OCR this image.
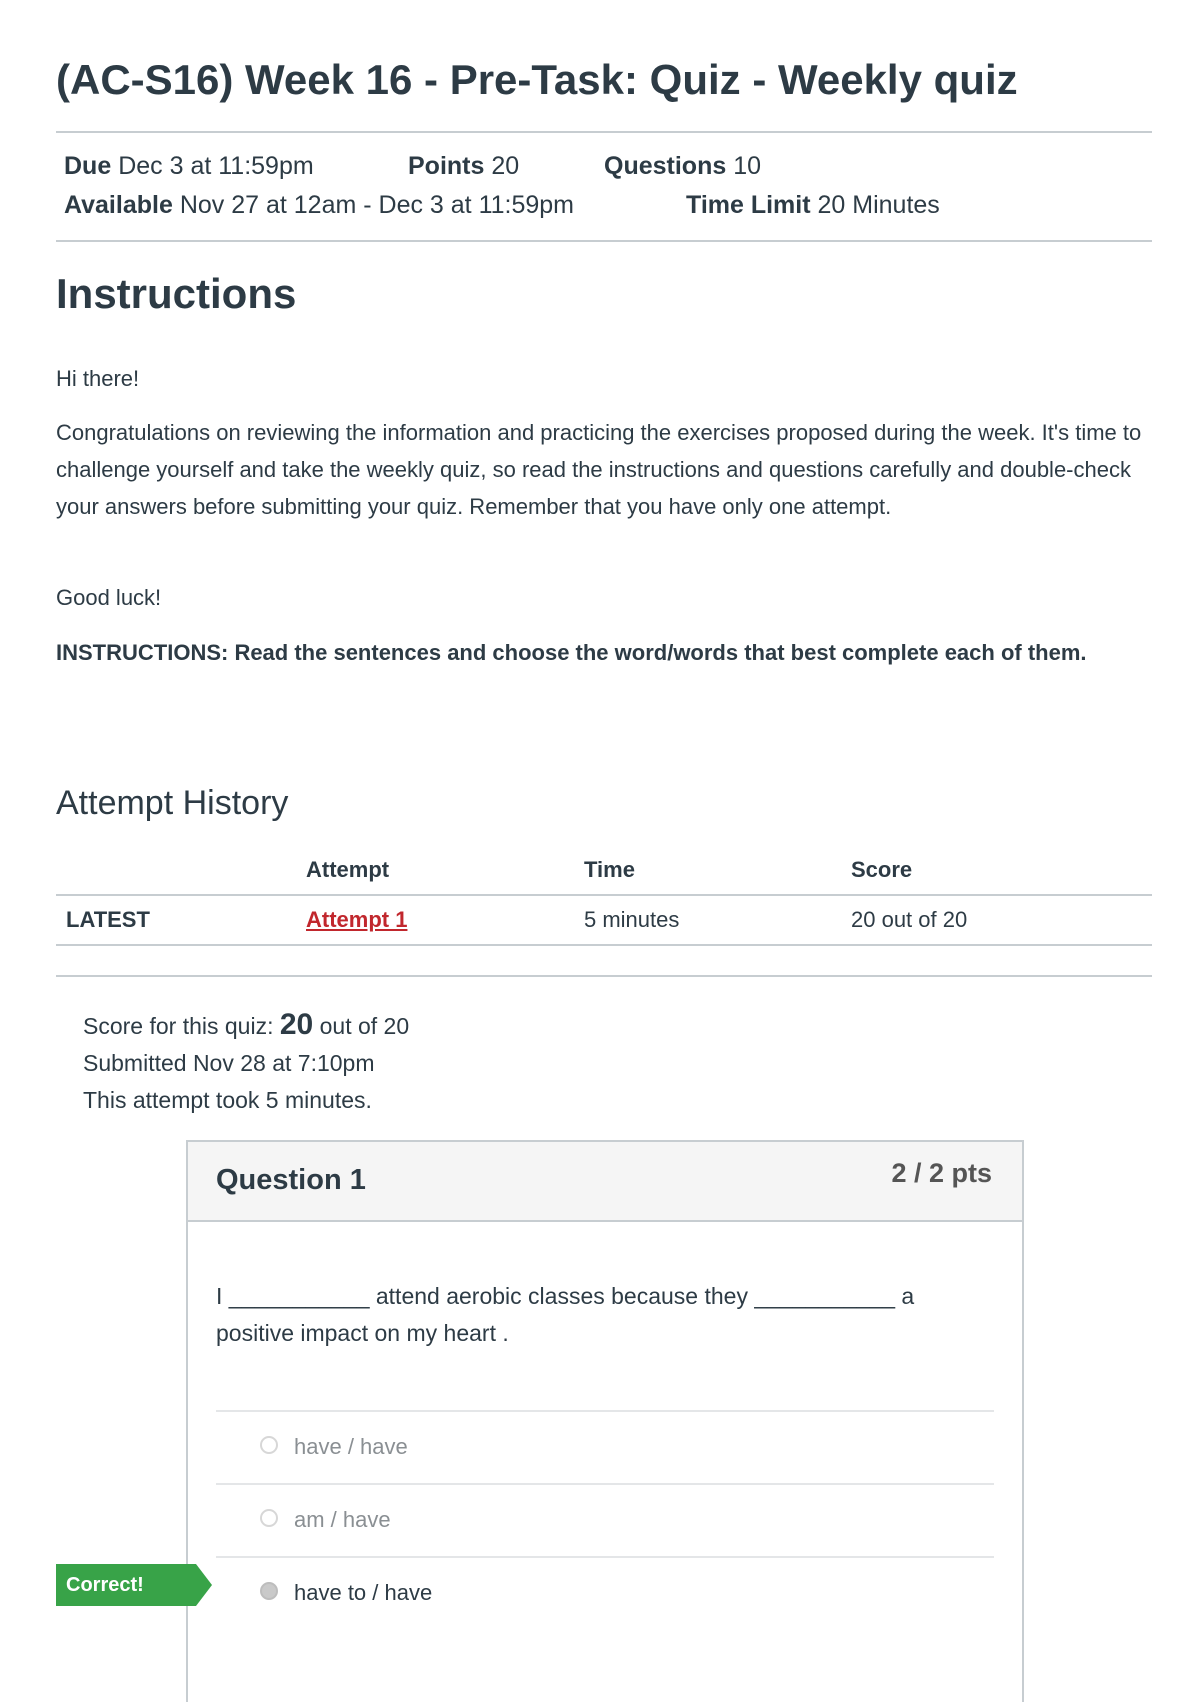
(AC-S16) Week 16 - Pre-Task: Quiz - Weekly quiz
Due Dec 3 at 11:59pm	Points 20	Questions 10
Available Nov 27 at 12am - Dec 3 at 11:59pm	Time Limit 20 Minutes
Instructions
Hi there!
Congratulations on reviewing the information and practicing the exercises proposed during the week. It's time to challenge yourself and take the weekly quiz, so read the instructions and questions carefully and double-check your answers before submitting your quiz. Remember that you have only one attempt.
Good luck!
INSTRUCTIONS: Read the sentences and choose the word/words that best complete each of them.
Attempt History
	Attempt	Time	Score
LATEST	Attempt 1	5 minutes	20 out of 20
Score for this quiz: 20 out of 20
Submitted Nov 28 at 7:10pm
This attempt took 5 minutes.
Question 1	2 / 2 pts
I ___________ attend aerobic classes because they ___________ a positive impact on my heart .
have / have
am / have
have to / have
Correct!
